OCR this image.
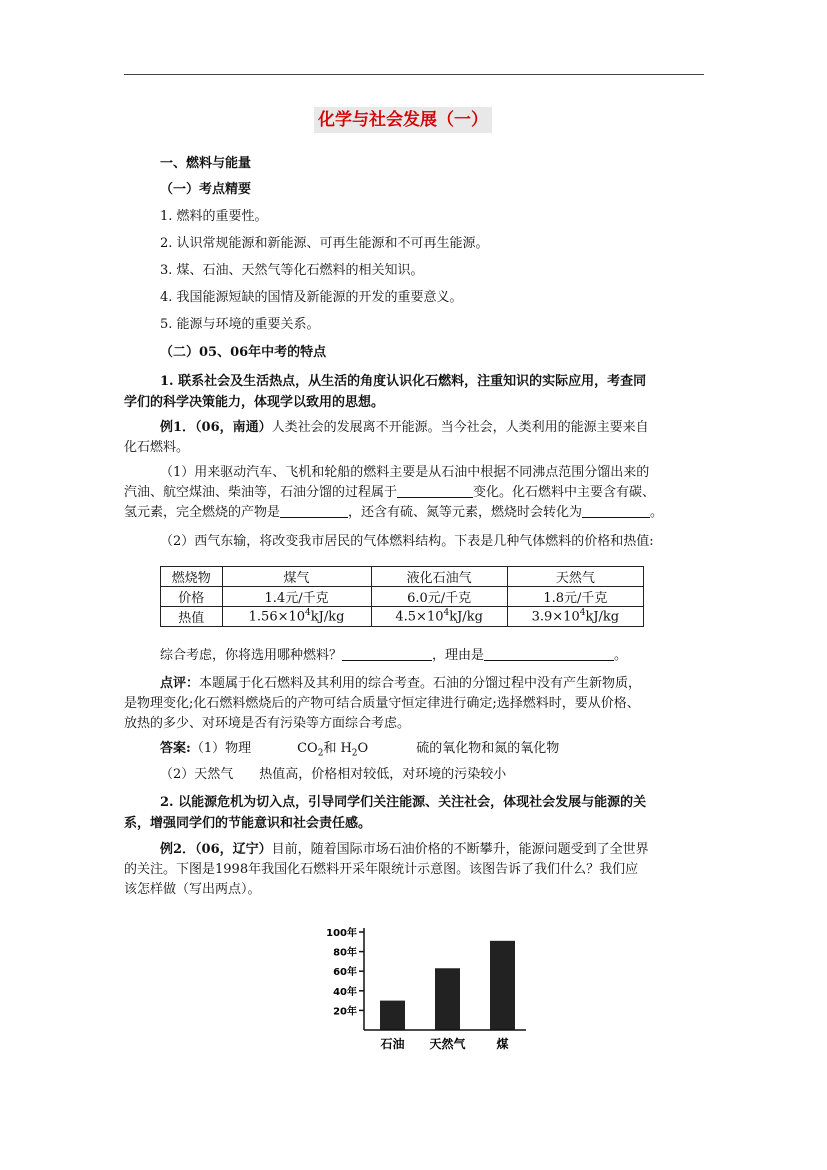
化学与社会发展（一）
一、燃料与能量
（一）考点精要
1. 燃料的重要性。
2. 认识常规能源和新能源、可再生能源和不可再生能源。
3. 煤、石油、天然气等化石燃料的相关知识。
4. 我国能源短缺的国情及新能源的开发的重要意义。
5. 能源与环境的重要关系。
（二）05、06年中考的特点
1. 联系社会及生活热点，从生活的角度认识化石燃料，注重知识的实际应用，考查同
学们的科学决策能力，体现学以致用的思想。
例1．（06，南通）人类社会的发展离不开能源。当今社会，人类利用的能源主要来自
化石燃料。
（1）用来驱动汽车、飞机和轮船的燃料主要是从石油中根据不同沸点范围分馏出来的
汽油、航空煤油、柴油等，石油分馏的过程属于	变化。化石燃料中主要含有碳、
氢元素，完全燃烧的产物是	，还含有硫、氮等元素，燃烧时会转化为	。
（2）西气东输，将改变我市居民的气体燃料结构。下表是几种气体燃料的价格和热值:
燃烧物	煤气	液化石油气	天然气
价格	1.4元/千克	6.0元/千克	1.8元/千克
热值	$1.56\times 10^4kJ/kg$	$4.5\times 10^4kJ/kg$	$3.9\times 10^4kJ/kg$
综合考虑，你将选用哪种燃料？	，理由是	。
点评：本题属于化石燃料及其利用的综合考查。石油的分馏过程中没有产生新物质，
是物理变化;化石燃料燃烧后的产物可结合质量守恒定律进行确定;选择燃料时，要从价格、
放热的多少、对环境是否有污染等方面综合考虑。
答案:（1）物理	$CO_2$和 $H_2O$	硫的氧化物和氮的氧化物
（2）天然气　　热值高，价格相对较低，对环境的污染较小
2. 以能源危机为切入点，引导同学们关注能源、关注社会，体现社会发展与能源的关
系，增强同学们的节能意识和社会责任感。
例2．（06，辽宁）目前，随着国际市场石油价格的不断攀升，能源问题受到了全世界
的关注。下图是1998年我国化石燃料开采年限统计示意图。该图告诉了我们什么？我们应
该怎样做（写出两点）。
20年
40年
60年
80年
100年
石油 天然气	煤
